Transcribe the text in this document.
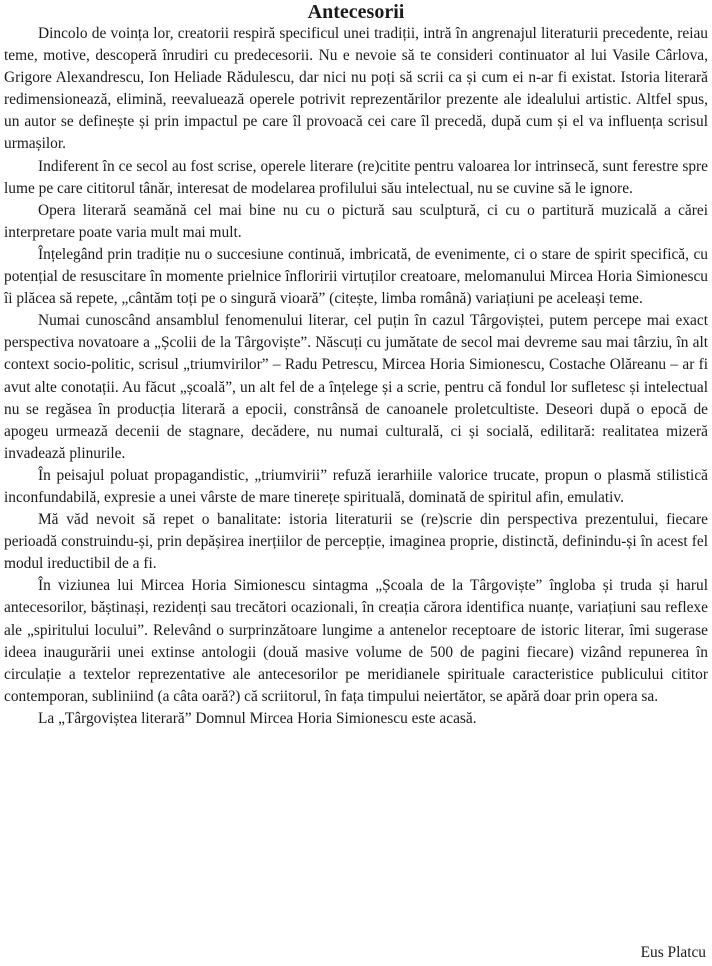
Antecesorii

Dincolo de voința lor, creatorii respiră specificul unei tradiții, intră în angrenajul literaturii precedente, reiau teme, motive, descoperă înrudiri cu predecesorii. Nu e nevoie să te consideri continuator al lui Vasile Cârlova, Grigore Alexandrescu, Ion Heliade Rădulescu, dar nici nu poți să scrii ca și cum ei n-ar fi existat. Istoria literară redimensionează, elimină, reevaluează operele potrivit reprezentărilor prezente ale idealului artistic. Altfel spus, un autor se definește și prin impactul pe care îl provoacă cei care îl precedă, după cum și el va influența scrisul urmașilor.

Indiferent în ce secol au fost scrise, operele literare (re)citite pentru valoarea lor intrinsecă, sunt ferestre spre lume pe care cititorul tânăr, interesat de modelarea profilului său intelectual, nu se cuvine să le ignore.

Opera literară seamănă cel mai bine nu cu o pictură sau sculptură, ci cu o partitură muzicală a cărei interpretare poate varia mult mai mult.

Înțelegând prin tradiție nu o succesiune continuă, imbricată, de evenimente, ci o stare de spirit specifică, cu potențial de resuscitare în momente prielnice înfloririi virtuților creatoare, melomanului Mircea Horia Simionescu îi plăcea să repete, „cântăm toți pe o singură vioară” (citește, limba română) variațiuni pe aceleași teme.

Numai cunoscând ansamblul fenomenului literar, cel puțin în cazul Târgoviștei, putem percepe mai exact perspectiva novatoare a „Școlii de la Târgoviște”. Născuți cu jumătate de secol mai devreme sau mai târziu, în alt context socio-politic, scrisul „triumvirilor” – Radu Petrescu, Mircea Horia Simionescu, Costache Olăreanu – ar fi avut alte conotații. Au făcut „școală”, un alt fel de a înțelege și a scrie, pentru că fondul lor sufletesc și intelectual nu se regăsea în producția literară a epocii, constrânsă de canoanele proletcultiste. Deseori după o epocă de apogeu urmează decenii de stagnare, decădere, nu numai culturală, ci și socială, edilitară: realitatea mizeră invadează plinurile.

În peisajul poluat propagandistic, „triumvirii” refuză ierarhiile valorice trucate, propun o plasmă stilistică inconfundabilă, expresie a unei vârste de mare tinerețe spirituală, dominată de spiritul afin, emulativ.

Mă văd nevoit să repet o banalitate: istoria literaturii se (re)scrie din perspectiva prezentului, fiecare perioadă construindu-și, prin depășirea inerțiilor de percepție, imaginea proprie, distinctă, definindu-și în acest fel modul ireductibil de a fi.

În viziunea lui Mircea Horia Simionescu sintagma „Școala de la Târgoviște” îngloba și truda și harul antecesorilor, băștinași, rezidenți sau trecători ocazionali, în creația cărora identifica nuanțe, variațiuni sau reflexe ale „spiritului locului”. Relevând o surprinzătoare lungime a antenelor receptoare de istoric literar, îmi sugerase ideea inaugurării unei extinse antologii (două masive volume de 500 de pagini fiecare) vizând repunerea în circulație a textelor reprezentative ale antecesorilor pe meridianele spirituale caracteristice publicului cititor contemporan, subliniind (a câta oară?) că scriitorul, în fața timpului neiertător, se apără doar prin opera sa.

La „Târgoviștea literară” Domnul Mircea Horia Simionescu este acasă.

Eus Platcu
